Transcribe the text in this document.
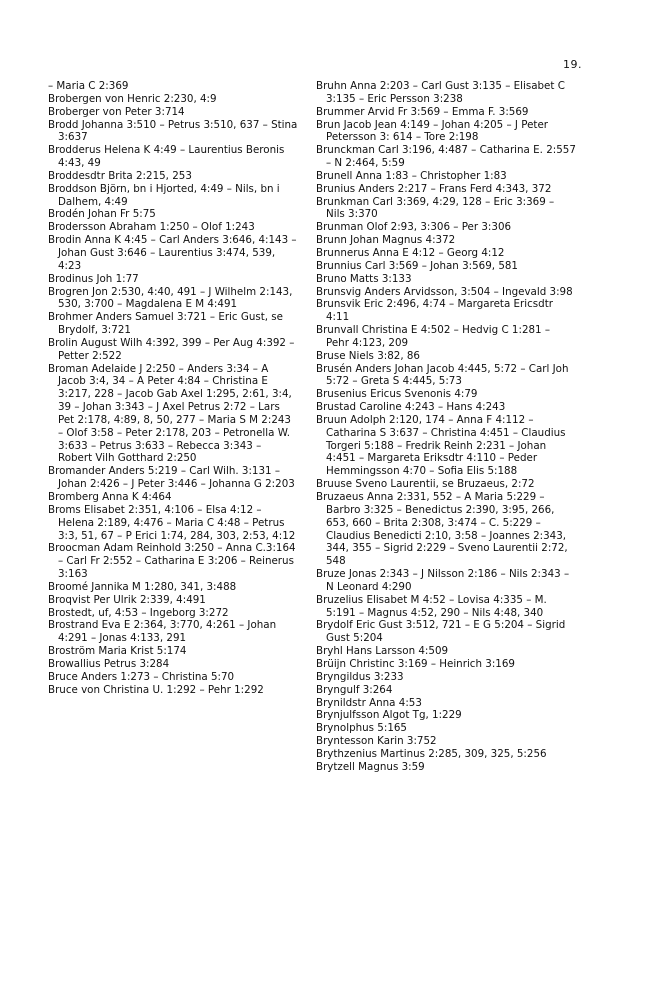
19.

– Maria C 2:369

Brobergen von Henric 2:230, 4:9

Broberger von Peter 3:714

Brodd Johanna 3:510 – Petrus 3:510, 637 – Stina 3:637

Brodderus Helena K 4:49 – Laurentius Beronis 4:43, 49

Broddesdtr Brita 2:215, 253

Broddson Björn, bn i Hjorted, 4:49 – Nils, bn i Dalhem, 4:49

Brodén Johan Fr 5:75

Brodersson Abraham 1:250 – Olof 1:243

Brodin Anna K 4:45 – Carl Anders 3:646, 4:143 – Johan Gust 3:646 – Laurentius 3:474, 539, 4:23

Brodinus Joh 1:77

Brogren Jon 2:530, 4:40, 491 – J Wilhelm 2:143, 530, 3:700 – Magdalena E M 4:491

Brohmer Anders Samuel 3:721 – Eric Gust, se Brydolf, 3:721

Brolin August Wilh 4:392, 399 – Per Aug 4:392 – Petter 2:522

Broman Adelaide J 2:250 – Anders 3:34 – A Jacob 3:4, 34 – A Peter 4:84 – Christina E 3:217, 228 – Jacob Gab Axel 1:295, 2:61, 3:4, 39 – Johan 3:343 – J Axel Petrus 2:72 – Lars Pet 2:178, 4:89, 8, 50, 277 – Maria S M 2:243 – Olof 3:58 – Peter 2:178, 203 – Petronella W. 3:633 – Petrus 3:633 – Rebecca 3:343 – Robert Vilh Gotthard 2:250

Bromander Anders 5:219 – Carl Wilh. 3:131 – Johan 2:426 – J Peter 3:446 – Johanna G 2:203

Bromberg Anna K 4:464

Broms Elisabet 2:351, 4:106 – Elsa 4:12 – Helena 2:189, 4:476 – Maria C 4:48 – Petrus 3:3, 51, 67 – P Erici 1:74, 284, 303, 2:53, 4:12

Broocman Adam Reinhold 3:250 – Anna C.3:164 – Carl Fr 2:552 – Catharina E 3:206 – Reinerus 3:163

Broomé Jannika M 1:280, 341, 3:488

Broqvist Per Ulrik 2:339, 4:491

Brostedt, uf, 4:53 – Ingeborg 3:272

Brostrand Eva E 2:364, 3:770, 4:261 – Johan 4:291 – Jonas 4:133, 291

Broström Maria Krist 5:174

Browallius Petrus 3:284

Bruce Anders 1:273 – Christina 5:70

Bruce von Christina U. 1:292 – Pehr 1:292

Bruhn Anna 2:203 – Carl Gust 3:135 – Elisabet C 3:135 – Eric Persson 3:238

Brummer Arvid Fr 3:569 – Emma F. 3:569

Brun Jacob Jean 4:149 – Johan 4:205 – J Peter Petersson 3: 614 – Tore 2:198

Brunckman Carl 3:196, 4:487 – Catharina E. 2:557 – N 2:464, 5:59

Brunell Anna 1:83 – Christopher 1:83

Brunius Anders 2:217 – Frans Ferd 4:343, 372

Brunkman Carl 3:369, 4:29, 128 – Eric 3:369 – Nils 3:370

Brunman Olof 2:93, 3:306 – Per 3:306

Brunn Johan Magnus 4:372

Brunnerus Anna E 4:12 – Georg 4:12

Brunnius Carl 3:569 – Johan 3:569, 581

Bruno Matts 3:133

Brunsvig Anders Arvidsson, 3:504 – Ingevald 3:98

Brunsvik Eric 2:496, 4:74 – Margareta Ericsdtr 4:11

Brunvall Christina E 4:502 – Hedvig C 1:281 – Pehr 4:123, 209

Bruse Niels 3:82, 86

Brusén Anders Johan Jacob 4:445, 5:72 – Carl Joh 5:72 – Greta S 4:445, 5:73

Brusenius Ericus Svenonis 4:79

Brustad Caroline 4:243 – Hans 4:243

Bruun Adolph 2:120, 174 – Anna F 4:112 – Catharina S 3:637 – Christina 4:451 – Claudius Torgeri 5:188 – Fredrik Reinh 2:231 – Johan 4:451 – Margareta Eriksdtr 4:110 – Peder Hemmingsson 4:70 – Sofia Elis 5:188

Bruuse Sveno Laurentii, se Bruzaeus, 2:72

Bruzaeus Anna 2:331, 552 – A Maria 5:229 – Barbro 3:325 – Benedictus 2:390, 3:95, 266, 653, 660 – Brita 2:308, 3:474 – C. 5:229 – Claudius Benedicti 2:10, 3:58 – Joannes 2:343, 344, 355 – Sigrid 2:229 – Sveno Laurentii 2:72, 548

Bruze Jonas 2:343 – J Nilsson 2:186 – Nils 2:343 – N Leonard 4:290

Bruzelius Elisabet M 4:52 – Lovisa 4:335 – M. 5:191 – Magnus 4:52, 290 – Nils 4:48, 340

Brydolf Eric Gust 3:512, 721 – E G 5:204 – Sigrid Gust 5:204

Bryhl Hans Larsson 4:509

Brüijn Christinc 3:169 – Heinrich 3:169

Bryngildus 3:233

Bryngulf 3:264

Brynildstr Anna 4:53

Brynjulfsson Algot Tg, 1:229

Brynolphus 5:165

Bryntesson Karin 3:752

Brythzenius Martinus 2:285, 309, 325, 5:256

Brytzell Magnus 3:59
